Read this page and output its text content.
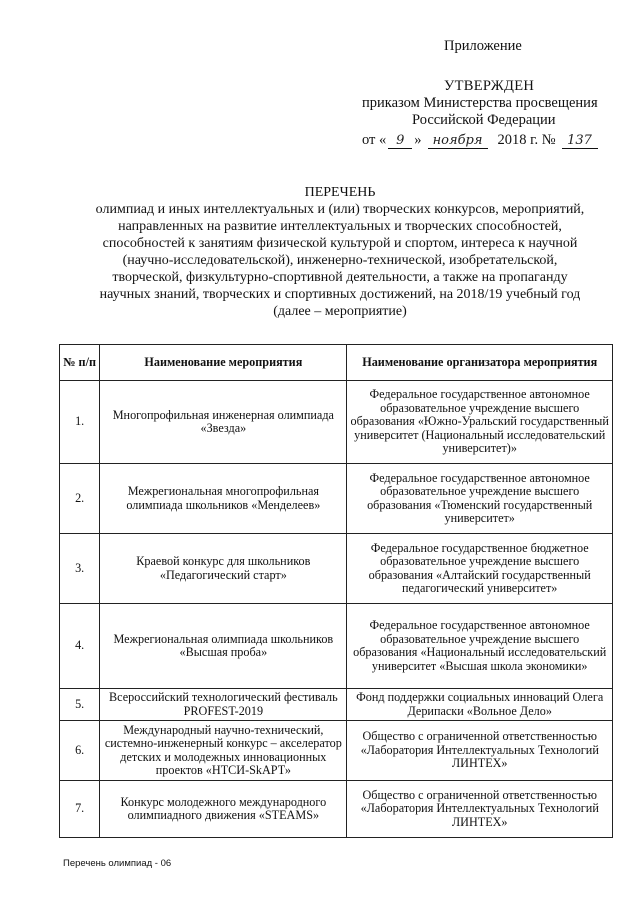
Приложение
УТВЕРЖДЕН
приказом Министерства просвещения
Российской Федерации
от « 9 » ноября	2018 г. № 137
ПЕРЕЧЕНЬ
олимпиад и иных интеллектуальных и (или) творческих конкурсов, мероприятий,
направленных на развитие интеллектуальных и творческих способностей,
способностей к занятиям физической культурой и спортом, интереса к научной
(научно-исследовательской), инженерно-технической, изобретательской,
творческой, физкультурно-спортивной деятельности, а также на пропаганду
научных знаний, творческих и спортивных достижений, на 2018/19 учебный год
(далее – мероприятие)
№ п/п	Наименование мероприятия	Наименование организатора мероприятия
1.	Многопрофильная инженерная олимпиада «Звезда»	Федеральное государственное автономное образовательное учреждение высшего образования «Южно-Уральский государственный университет (Национальный исследовательский университет)»
2.	Межрегиональная многопрофильная олимпиада школьников «Менделеев»	Федеральное государственное автономное образовательное учреждение высшего образования «Тюменский государственный университет»
3.	Краевой конкурс для школьников «Педагогический старт»	Федеральное государственное бюджетное образовательное учреждение высшего образования «Алтайский государственный педагогический университет»
4.	Межрегиональная олимпиада школьников «Высшая проба»	Федеральное государственное автономное образовательное учреждение высшего образования «Национальный исследовательский университет «Высшая школа экономики»
5.	Всероссийский технологический фестиваль PROFEST-2019	Фонд поддержки социальных инноваций Олега Дерипаски «Вольное Дело»
6.	Международный научно-технический, системно-инженерный конкурс – акселератор детских и молодежных инновационных проектов «НТСИ-SkАРТ»	Общество с ограниченной ответственностью «Лаборатория Интеллектуальных Технологий ЛИНТЕХ»
7.	Конкурс молодежного международного олимпиадного движения «STEAMS»	Общество с ограниченной ответственностью «Лаборатория Интеллектуальных Технологий ЛИНТЕХ»
Перечень олимпиад - 06
